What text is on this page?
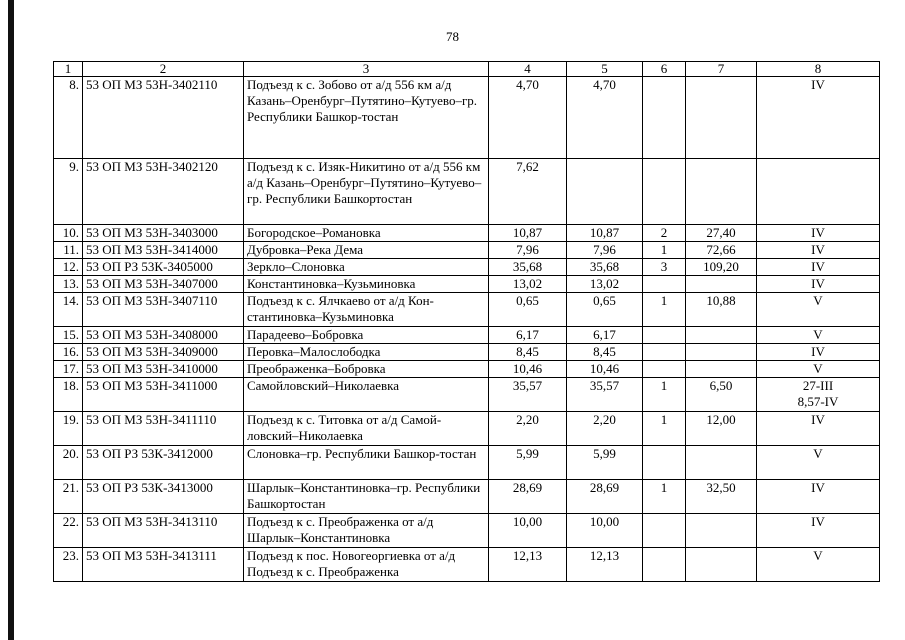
78
1	2	3	4	5	6	7	8
8.	53 ОП МЗ 53Н-3402110	Подъезд к с. Зобово от а/д 556 км а/д Казань–Оренбург–Путятино–Кутуево–гр. Республики Башкор-тостан	4,70	4,70			IV
9.	53 ОП МЗ 53Н-3402120	Подъезд к с. Изяк-Никитино от а/д 556 км а/д Казань–Оренбург–Путятино–Кутуево–гр. Республики Башкортостан	7,62				
10.	53 ОП МЗ 53Н-3403000	Богородское–Романовка	10,87	10,87	2	27,40	IV
11.	53 ОП МЗ 53Н-3414000	Дубровка–Река Дема	7,96	7,96	1	72,66	IV
12.	53 ОП РЗ 53К-3405000	Зеркло–Слоновка	35,68	35,68	3	109,20	IV
13.	53 ОП МЗ 53Н-3407000	Константиновка–Кузьминовка	13,02	13,02			IV
14.	53 ОП МЗ 53Н-3407110	Подъезд к с. Ялчкаево от а/д Кон-стантиновка–Кузьминовка	0,65	0,65	1	10,88	V
15.	53 ОП МЗ 53Н-3408000	Парадеево–Бобровка	6,17	6,17			V
16.	53 ОП МЗ 53Н-3409000	Перовка–Малослободка	8,45	8,45			IV
17.	53 ОП МЗ 53Н-3410000	Преображенка–Бобровка	10,46	10,46			V
18.	53 ОП МЗ 53Н-3411000	Самойловский–Николаевка	35,57	35,57	1	6,50	27-III
8,57-IV
19.	53 ОП МЗ 53Н-3411110	Подъезд к с. Титовка от а/д Самой-ловский–Николаевка	2,20	2,20	1	12,00	IV
20.	53 ОП РЗ 53К-3412000	Слоновка–гр. Республики Башкор-тостан	5,99	5,99			V
21.	53 ОП РЗ 53К-3413000	Шарлык–Константиновка–гр. Республики Башкортостан	28,69	28,69	1	32,50	IV
22.	53 ОП МЗ 53Н-3413110	Подъезд к с. Преображенка от а/д Шарлык–Константиновка	10,00	10,00			IV
23.	53 ОП МЗ 53Н-3413111	Подъезд к пос. Новогеоргиевка от а/д Подъезд к с. Преображенка	12,13	12,13			V
